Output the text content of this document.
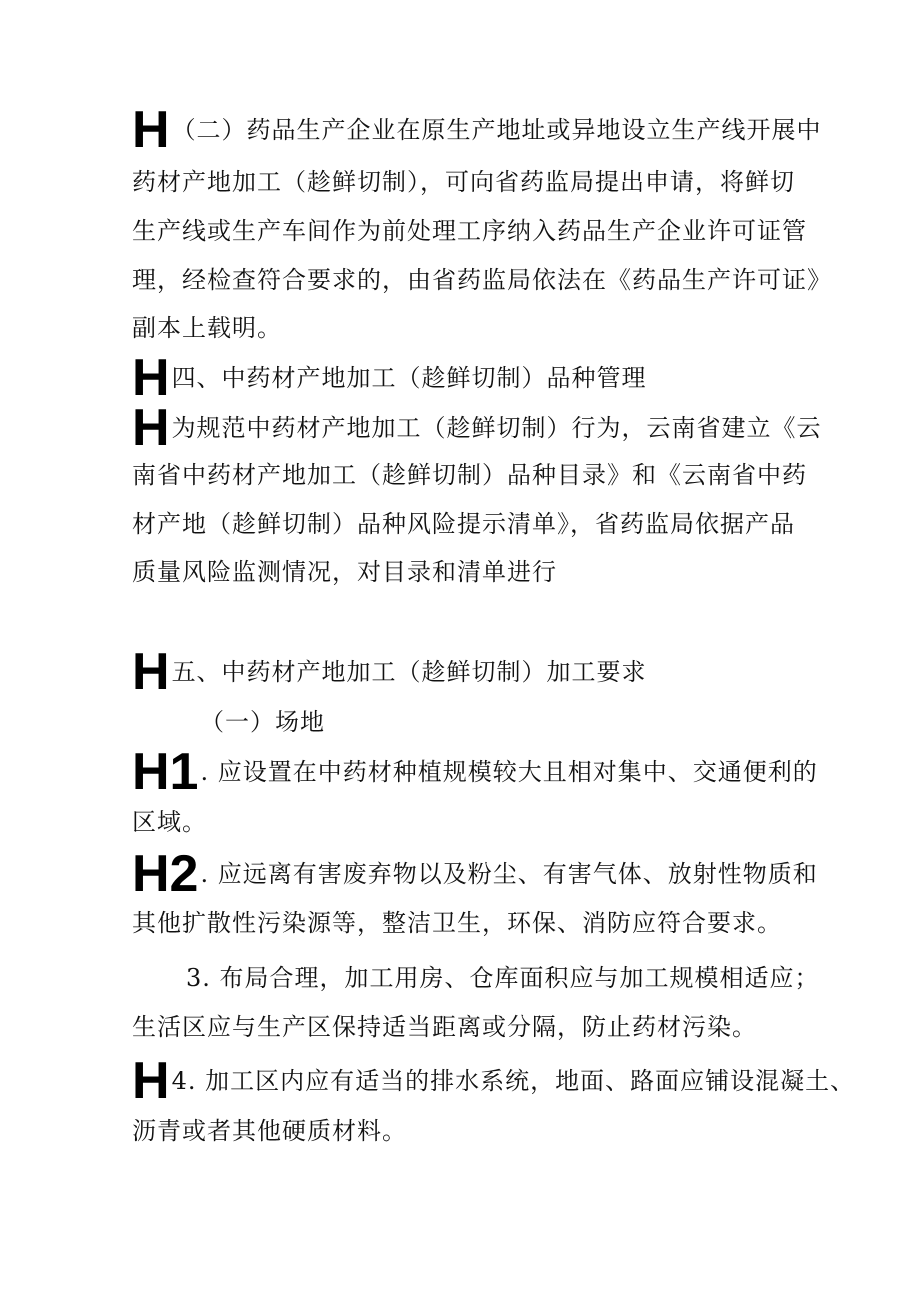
H（二）药品生产企业在原生产地址或异地设立生产线开展中
药材产地加工（趁鲜切制），可向省药监局提出申请，将鲜切
生产线或生产车间作为前处理工序纳入药品生产企业许可证管
理，经检查符合要求的，由省药监局依法在《药品生产许可证》
副本上载明。
H四、中药材产地加工（趁鲜切制）品种管理
H为规范中药材产地加工（趁鲜切制）行为，云南省建立《云
南省中药材产地加工（趁鲜切制）品种目录》和《云南省中药
材产地（趁鲜切制）品种风险提示清单》，省药监局依据产品
质量风险监测情况，对目录和清单进行
H五、中药材产地加工（趁鲜切制）加工要求
（一）场地
H1. 应设置在中药材种植规模较大且相对集中、交通便利的
区域。
H2. 应远离有害废弃物以及粉尘、有害气体、放射性物质和
其他扩散性污染源等，整洁卫生，环保、消防应符合要求。
3. 布局合理，加工用房、仓库面积应与加工规模相适应；
生活区应与生产区保持适当距离或分隔，防止药材污染。
H4. 加工区内应有适当的排水系统，地面、路面应铺设混凝土、
沥青或者其他硬质材料。
